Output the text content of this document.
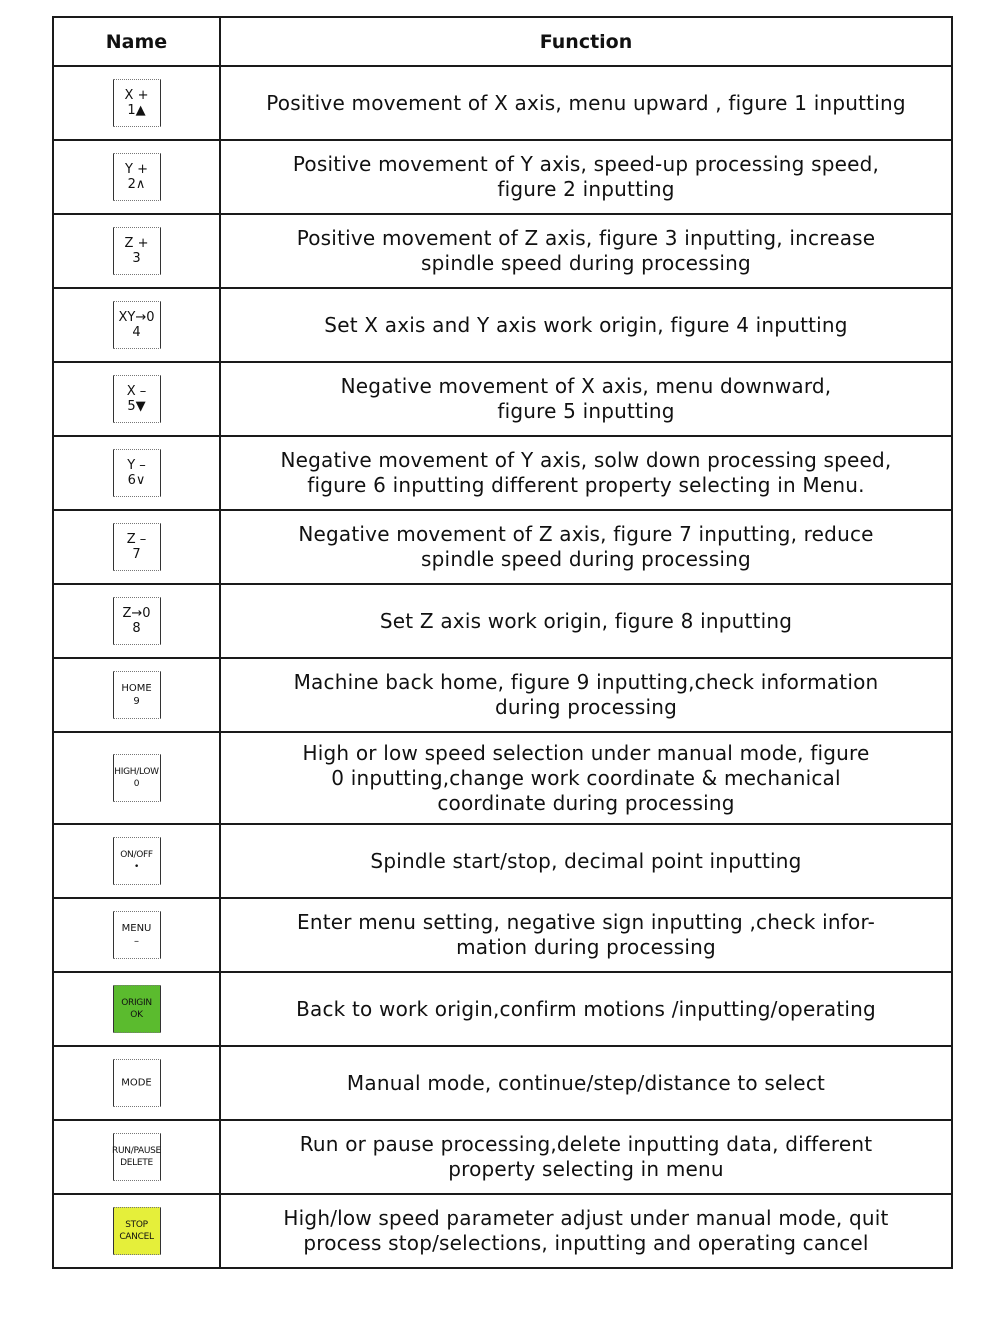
Name	Function

X +
1▲	Positive movement of X axis, menu upward , figure 1 inputting

Y +
2∧	Positive movement of Y axis, speed-up processing speed,
figure 2 inputting

Z +
3	Positive movement of Z axis, figure 3 inputting, increase
spindle speed during processing

XY→0
4	Set X axis and Y axis work origin, figure 4 inputting

X –
5▼	Negative movement of X axis, menu downward,
figure 5 inputting

Y –
6∨	Negative movement of Y axis, solw down processing speed,
figure 6 inputting different property selecting in Menu.

Z –
7	Negative movement of Z axis, figure 7 inputting, reduce
spindle speed during processing

Z→0
8	Set Z axis work origin, figure 8 inputting

HOME
9	Machine back home, figure 9 inputting,check information
during processing

HIGH/LOW
0	High or low speed selection under manual mode, figure
0 inputting,change work coordinate & mechanical
coordinate during processing

ON/OFF
•	Spindle start/stop, decimal point inputting

MENU
–	Enter menu setting, negative sign inputting ,check infor-
mation during processing

ORIGIN
OK	Back to work origin,confirm motions /inputting/operating

MODE	Manual mode, continue/step/distance to select

RUN/PAUSE
DELETE	Run or pause processing,delete inputting data, different
property selecting in menu

STOP
CANCEL	High/low speed parameter adjust under manual mode, quit
process stop/selections, inputting and operating cancel
